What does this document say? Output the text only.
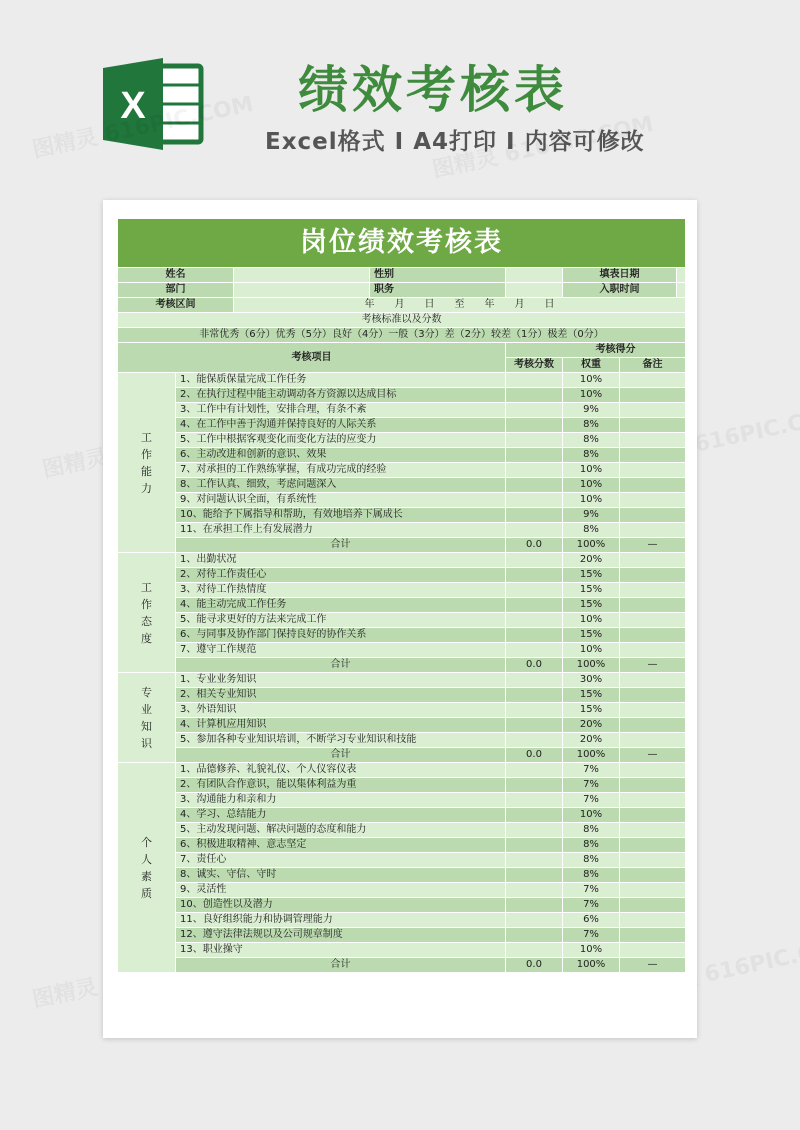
X	绩效考核表
Excel格式 Ⅰ A4打印 Ⅰ 内容可修改
岗位绩效考核表							
姓名			性别		填表日期		
部门			职务		入职时间		
考核区间		年　　月　　日　　至　　年　　月　　日					
考核标准以及分数							
非常优秀（6分）优秀（5分）良好（4分）一般（3分）差（2分）较差（1分）极差（0分）							
考核项目				考核得分			
				考核分数	权重	备注	
工作能力	1、能保质保量完成工作任务				10%		
	2、在执行过程中能主动调动各方资源以达成目标				10%		
	3、工作中有计划性，安排合理，有条不紊				9%		
	4、在工作中善于沟通并保持良好的人际关系				8%		
	5、工作中根据客观变化而变化方法的应变力				8%		
	6、主动改进和创新的意识、效果				8%		
	7、对承担的工作熟练掌握，有成功完成的经验				10%		
	8、工作认真、细致，考虑问题深入				10%		
	9、对问题认识全面，有系统性				10%		
	10、能给予下属指导和帮助，有效地培养下属成长				9%		
	11、在承担工作上有发展潜力				8%		
	合计			0.0	100%	—	
工作态度	1、出勤状况				20%		
	2、对待工作责任心				15%		
	3、对待工作热情度				15%		
	4、能主动完成工作任务				15%		
	5、能寻求更好的方法来完成工作				10%		
	6、与同事及协作部门保持良好的协作关系				15%		
	7、遵守工作规范				10%		
	合计			0.0	100%	—	
专业知识	1、专业业务知识				30%		
	2、相关专业知识				15%		
	3、外语知识				15%		
	4、计算机应用知识				20%		
	5、参加各种专业知识培训，不断学习专业知识和技能				20%		
	合计			0.0	100%	—	
个人素质	1、品德修养、礼貌礼仪、个人仪容仪表				7%		
	2、有团队合作意识，能以集体利益为重				7%		
	3、沟通能力和亲和力				7%		
	4、学习、总结能力				10%		
	5、主动发现问题、解决问题的态度和能力				8%		
	6、积极进取精神、意志坚定				8%		
	7、责任心				8%		
	8、诚实、守信、守时				8%		
	9、灵活性				7%		
	10、创造性以及潜力				7%		
	11、良好组织能力和协调管理能力				6%		
	12、遵守法律法规以及公司规章制度				7%		
	13、职业操守				10%		
	合计			0.0	100%	—	
